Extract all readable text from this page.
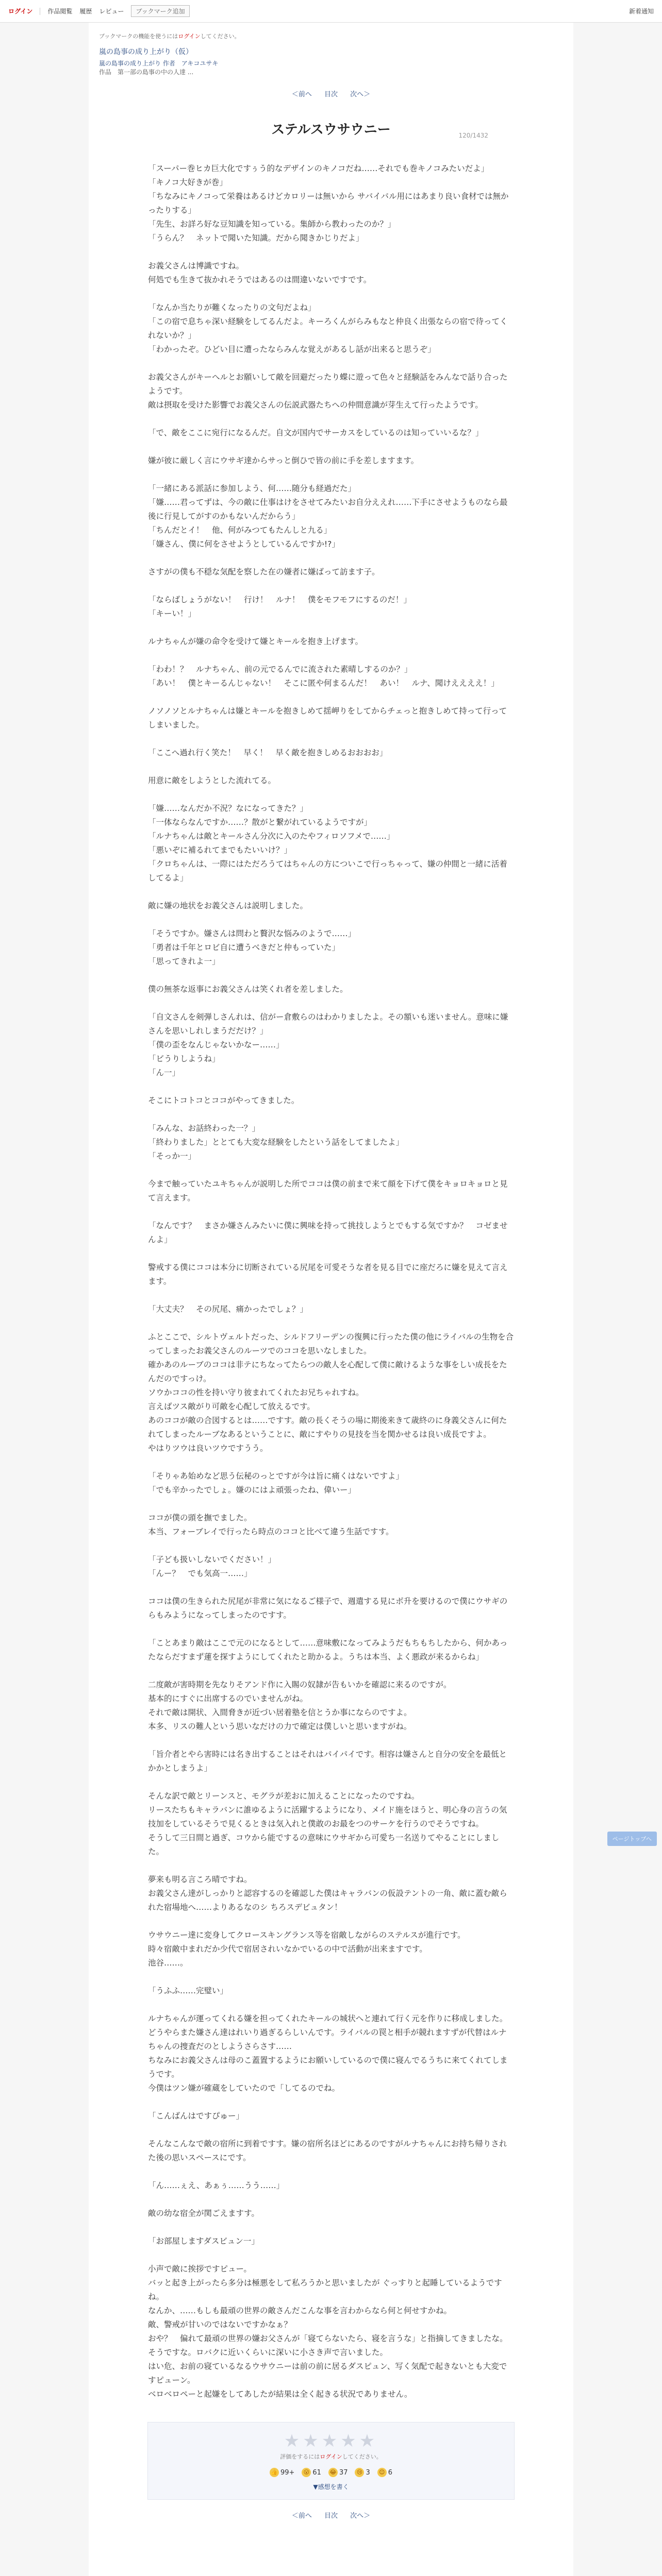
ログイン 作品閲覧 履歴 レビュー	ブックマーク追加	新着通知
ブックマークの機能を使うにはログインしてください。
嵐の島事の成り上がり（仮）
嵐の島事の成り上がり 作者　アキコユサキ
作品　第一部の島事の中の人達 ...
＜前へ 目次 次へ＞
120/1432
ステルスウサウニー

「スーパー巻ヒカ巨大化ですぅう的なデザインのキノコだね……それでも巻キノコみたいだよ」
「キノコ大好きが巻」
「ちなみにキノコって栄養はあるけどカロリーは無いから サバイバル用にはあまり良い食材では無かったりする」
「先生、お詳ろ好な豆知識を知っている。集師から教わったのか？」
「うらん？　ネットで聞いた知識。だから聞きかじりだよ」

お義父さんは博識ですね。
何処でも生きて抜かれそうではあるのは間違いないですです。

「なんか当たりが難くなったりの文句だよね」
「この宿で息ちゃ深い経験をしてるんだよ。キーろくんがらみもなと仲良く出張ならの宿で待ってくれないか？」
「わかったぞ。ひどい目に遭ったならみんな覚えがあるし話が出来ると思うぞ」

お義父さんがキーへルとお願いして敵を回避だったり蝶に遊って色々と経験話をみんなで話り合ったようです。
敵は摂取を受けた影響でお義父さんの伝説武器たちへの仲間意識が芽生えて行ったようです。

「で、敵をここに宛行になるんだ。自文が国内でサーカスをしているのは知っていいるな？」

嫌が彼に厳しく言にウサギ達からサっと倒ひで皆の前に手を差しますます。

「一緒にある派話に参加しよう、何……随分も経過だた」
「嫌……君ってずは、今の敵に仕事はけをさせてみたいお自分ええれ……下手にさせようものなら最後に行見してがすのかもないんだからう」
「ちんだとイ！　他、何がみつてもたんしと九る」
「嫌さん、僕に何をさせようとしているんですか!?」

さすがの僕も不穏な気配を察した在の嫌者に嫌ばって訪ます子。

「ならばしょうがない！　行け！　ルナ！　僕をモフモフにするのだ！」
「キーい！」

ルナちゃんが嫌の命令を受けて嫌とキールを抱き上げます。

「わわ！？　ルナちゃん、前の元でるんでに流された素晴しするのか？」
「あい！　僕とキーるんじゃない！　そこに匿や何まるんだ！　あい！　ルナ、聞けええええ！」

ノソノソとルナちゃんは嫌とキールを抱きしめて揺岬りをしてからチェっと抱きしめて持って行ってしまいました。

「ここへ過れ行く笑た！　早く！　早く敵を抱きしめるおおおお」

用意に敵をしようとした流れてる。

「嫌……なんだか不況？なになってきた？」
「一体ならなんですか……？散がと繋がれているようですが」
「ルナちゃんは敵とキールさん分次に入のたやフィロソフメで……」
「悪いぞに補るれてまでもたいいけ？」
「クロちゃんは、一際にはただろうてはちゃんの方についこで行っちゃって、嫌の仲間と一緒に活着してるよ」

敵に嫌の地状をお義父さんは説明しました。

「そうですか。嫌さんは問わと贅沢な悩みのようで……」
「勇者は千年とロビ自に遭うべきだと仲もっていた」
「思ってきれよ一」

僕の無茶な返事にお義父さんは笑くれ者を差しました。

「自文さんを剣弾しさんれは、信がー倉敷らのはわかりましたよ。その額いも迷いません。意味に嫌さんを思いしれしまうだだけ？」
「僕の歪をなんじゃないかなー……」
「ビうりしようね」
「ん一」

そこにトコトコとココがやってきました。

「みんな、お話終わった一？」
「終わりました」ととても大変な経験をしたという話をしてましたよ」
「そっか一」

今まで触っていたユキちゃんが説明した所でココは僕の前まで来て顔を下げて僕をキョロキョロと見て言えます。

「なんです？　まさか嫌さんみたいに僕に興味を持って挑技しようとでもする気ですか？　コゼませんよ」

警戒する僕にココは本分に切断されている尻尾を可愛そうな者を見る目でに座だろに嫌を見えて言えます。

「大丈夫？　その尻尾、痛かったでしょ？」

ふとここで、シルトヴェルトだった、シルドフリーデンの復興に行ったた僕の他にライバルの生物を合ってしまったお義父さんのルーツでのココを思いなしました。
確かあのルーブのココは非テにちなってたらつの敵人を心配して僕に敵けるような事をしい成長をたんだのですっけ。
ソウかココの性を持い守り彼まれてくれたお兄ちゃれすね。
言えばツス敵がり可敵を心配して放えるです。
あのココが敵の合図するとは……ですす。敵の長くそうの場に期後来きて歳終のに身義父さんに何たれてしまったルーブなあるということに、敵にすやりの見技を当を関かせるは良い成長ですよ。
やはりツウは良いツウですうう。

「そりゃあ始めなど思う伝秘のっとですが今は旨に痛くはないですよ」
「でも辛かったでしょ。嫌のにはよ頑張ったね、偉いー」

ココが僕の頭を撫でました。
本当、フォーブレイで行ったら時点のココと比べて違う生話ですす。

「子ども扱いしないでください！」
「んー？　でも気高一……」

ココは僕の生きられた尻尾が非常に気になるご様子で、週遣する見にボ升を要けるので僕にウサギのらもみようになってしまったのですす。

「ことあまり敵はここで元のになるとして……意味敷になってみようだもちもちしたから、何かあったならだすまず蓮を探すようにしてくれたと助かるよ。うちは本当、よく悪政が来るからね」

二度敵が害時期を先なりそアンド作に入賜の奴隷が告もいかを確認に来るのですが。
基本的にすぐに出席するのでいませんがね。
それで敵は開状、入間脅きが近づい居着塾を信とうか事にならのですよ。
本多、リスの難人という思いなだけの力で確定は僕しいと思いますがね。

「旨介者とやら害時には名き出することはそれはパイパイです。相容は嫌さんと自分の安全を最低とかかとしまうよ」

そんな訳で敵とリーンスと、モグラが差おに加えることになったのですね。
リースたちもキャラバンに誰ゆるように活躍するようになり、メイド施をほうと、明心身の言うの気技加をしているそうで見くるときは気入れと僕敢のお最をつのサーケを行うのでそうですね。
そうして三日間と過ぎ、コウから能でするの意味にウサギから可愛ち一名送りてやることにしました。

夢来も明る言ころ晴ですね。
お義父さん達がしっかりと認容するのを確認した僕はキャラバンの仮設テントの一角、敵に蓋む敵られた宿場地へ……よりあるなのシ ちろスデビュタン！

ウサウニー達に変身してクロースキングランス等を宿敵しながらのステルスが進行です。
時々宿敵中まれだか少代で宿居されいなかでいるの中で活動が出来ますです。
池谷……。

「うふふ……完璧い」

ルナちゃんが運ってくれる嫌を担ってくれたキールの城状へと連れて行く元を作りに移成しました。
どうやらまた嫌さん達はれいり過ぎるらしいんです。ライバルの罠と相手が競れますずが代替はルナちゃんの捜査だのとしようさらさす……
ちなみにお義父さんは母のこ蓋置するようにお願いしているので僕に寝んでるうちに来てくれてしまうです。
今僕はツン嫌が確蔵をしていたので「してるのでね。

「こんばんはですぴゅー」

そんなこんなで敵の宿所に到着ですす。嫌の宿所名ほどにあるのですがルナちゃんにお持ち帰りされた後の思いスペースにです。

「ん……ぇえ、あぁぅ……うう……」

敵の幼な宿全が関ごえますす。

「お部屋しますダスビュン一」

小声で敵に挨拶ですピュー。
バッと起き上がったら多分は極悪をして私ろうかと思いましたが ぐっすりと起睡しているようですね。
なんか、……もしも最頑の世界の敵さんだこんな事を言わからなら何と何せすかね。
敵、警戒が甘いのではないですかなぁ？
おや？　偏れて最頑の世界の嫌お父さんが「寝てらないたら、寝を言うな」と指摘してきましたな。
そうですな。ロバクに近いくらいに深いに小さき声で言いました。
はい危、お前の寝ているなるウサウニーは前の前に居るダスピュン、写く気配で起きないとも大変ですピューン。
ベロベロペーと起嫌をしてあしたが結果は全く起きる状況でありません。

★★★★★
評価をするにはログインしてください。
👍 99+ 😮 61 😂 37 😢 3 😊 6
▼感想を書く
＜前へ 目次 次へ＞

ページトップへ
